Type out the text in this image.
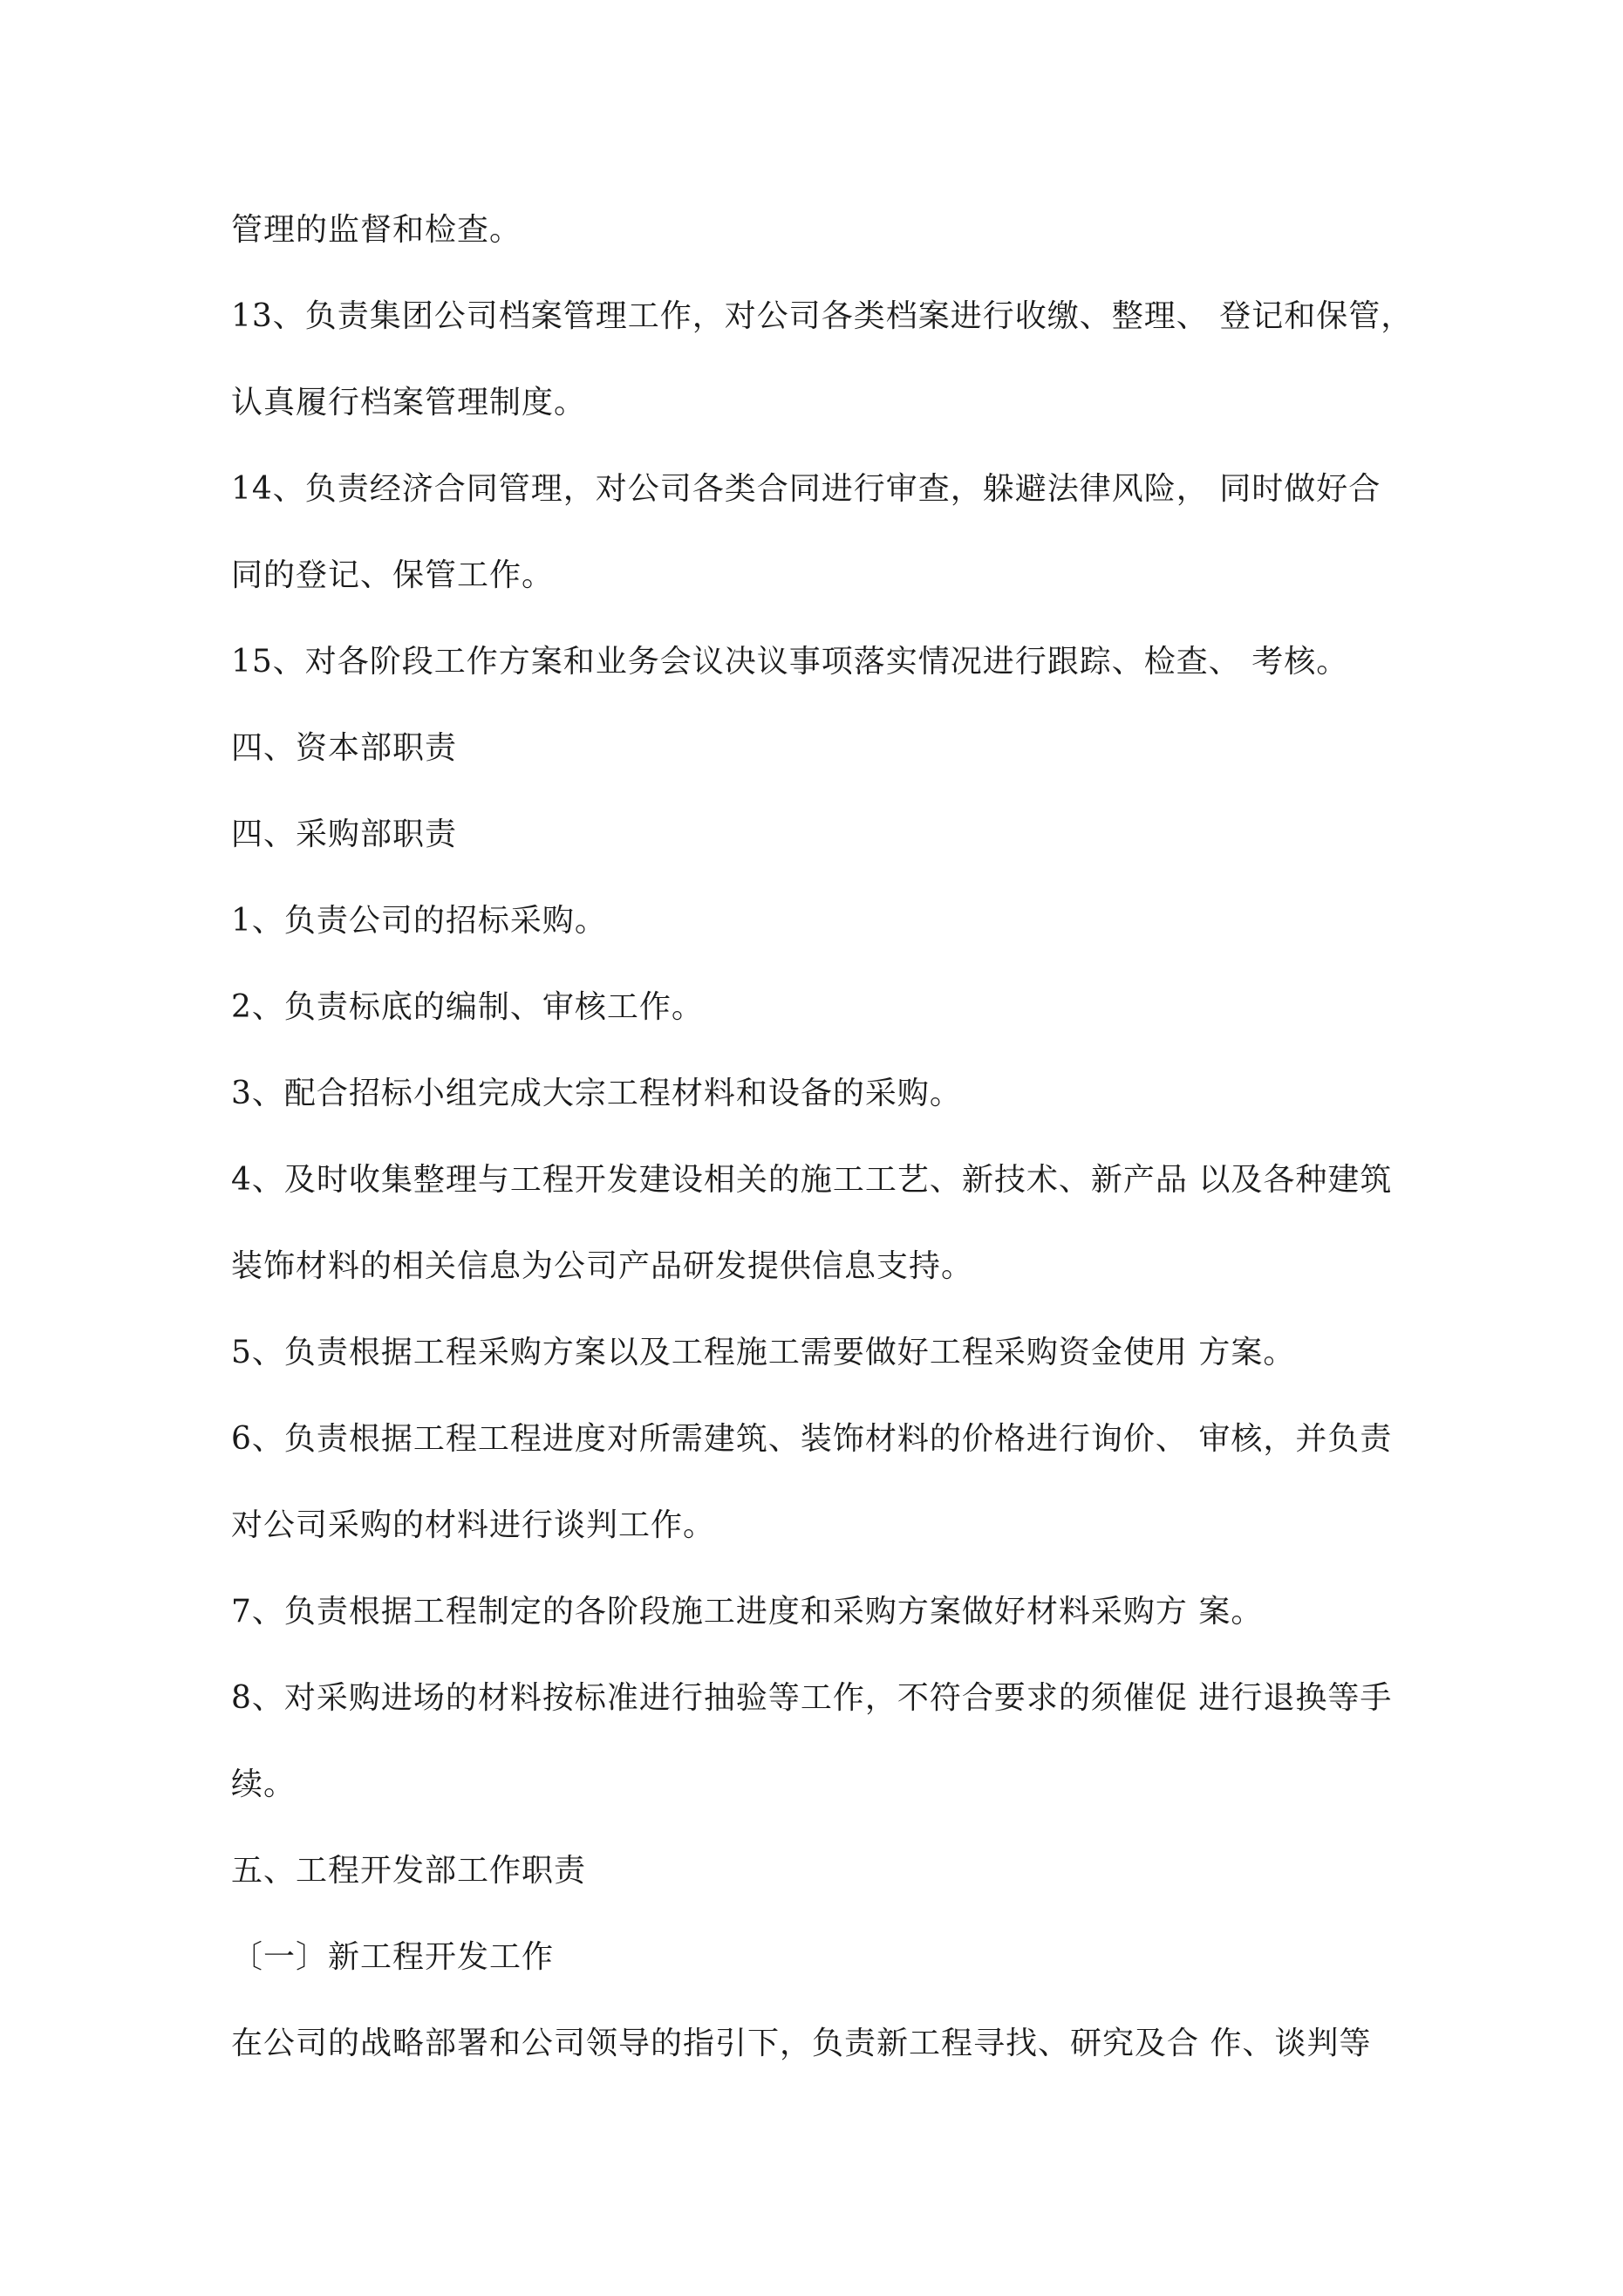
管理的监督和检查。

13、负责集团公司档案管理工作，对公司各类档案进行收缴、整理、 登记和保管，

认真履行档案管理制度。

14、负责经济合同管理，对公司各类合同进行审查，躲避法律风险， 同时做好合

同的登记、保管工作。

15、对各阶段工作方案和业务会议决议事项落实情况进行跟踪、检查、 考核。

四、资本部职责

四、采购部职责

1、负责公司的招标采购。

2、负责标底的编制、审核工作。

3、配合招标小组完成大宗工程材料和设备的采购。

4、及时收集整理与工程开发建设相关的施工工艺、新技术、新产品 以及各种建筑

装饰材料的相关信息为公司产品研发提供信息支持。

5、负责根据工程采购方案以及工程施工需要做好工程采购资金使用 方案。

6、负责根据工程工程进度对所需建筑、装饰材料的价格进行询价、 审核，并负责

对公司采购的材料进行谈判工作。

7、负责根据工程制定的各阶段施工进度和采购方案做好材料采购方 案。

8、对采购进场的材料按标准进行抽验等工作，不符合要求的须催促 进行退换等手

续。

五、工程开发部工作职责

〔一〕新工程开发工作

在公司的战略部署和公司领导的指引下，负责新工程寻找、研究及合 作、谈判等
